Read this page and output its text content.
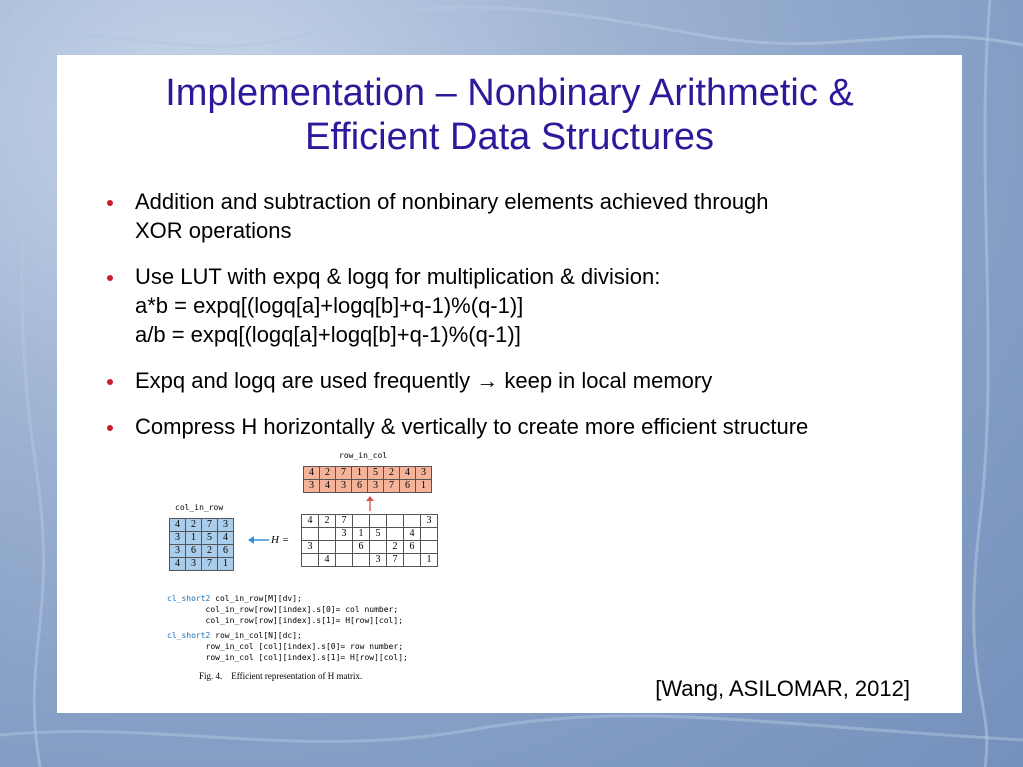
Implementation – Nonbinary Arithmetic &
Efficient Data Structures
Addition and subtraction of nonbinary elements achieved through
XOR operations
Use LUT with expq & logq for multiplication & division:
a*b = expq[(logq[a]+logq[b]+q-1)%(q-1)]
a/b = expq[(logq[a]+logq[b]+q-1)%(q-1)]
Expq and logq are used frequently → keep in local memory
Compress H horizontally & vertically to create more efficient structure
row_in_col
4	2	7	1	5	2	4	3
3	4	3	6	3	7	6	1
col_in_row
4	2	7	3
3	1	5	4
3	6	2	6
4	3	7	1
H =
4	2	7					3
		3	1	5		4	
3			6		2	6	
	4			3	7		1
cl_short2 col_in_row[M][dv];
col_in_row[row][index].s[0]= col number;
col_in_row[row][index].s[1]= H[row][col];
cl_short2 row_in_col[N][dc];
row_in_col [col][index].s[0]= row number;
row_in_col [col][index].s[1]= H[row][col];
Fig. 4.    Efficient representation of H matrix.	[Wang, ASILOMAR, 2012]
